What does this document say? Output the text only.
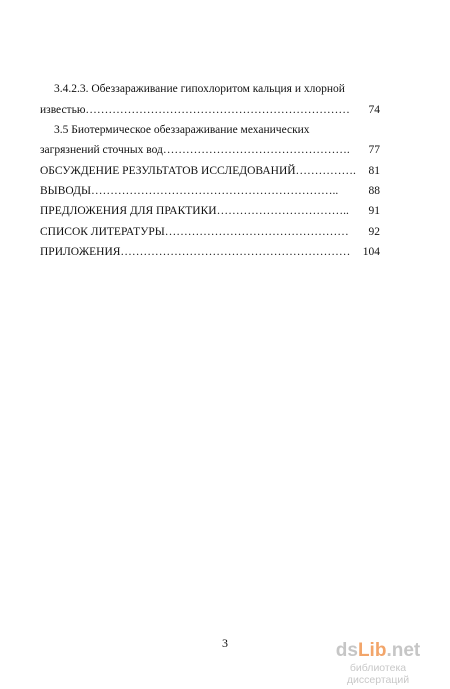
3.4.2.3. Обеззараживание гипохлоритом кальция и хлорной
известью……………………………………………………………	74
3.5 Биотермическое обеззараживание механических
загрязнений сточных вод………………………………………….	77
ОБСУЖДЕНИЕ РЕЗУЛЬТАТОВ ИССЛЕДОВАНИЙ…………….	81
ВЫВОДЫ………………………………………………………..	88
ПРЕДЛОЖЕНИЯ ДЛЯ ПРАКТИКИ……………………………..	91
СПИСОК ЛИТЕРАТУРЫ…………………………………………	92
ПРИЛОЖЕНИЯ……………………………………………………	104
3	dsLib.net
библиотека диссертаций
